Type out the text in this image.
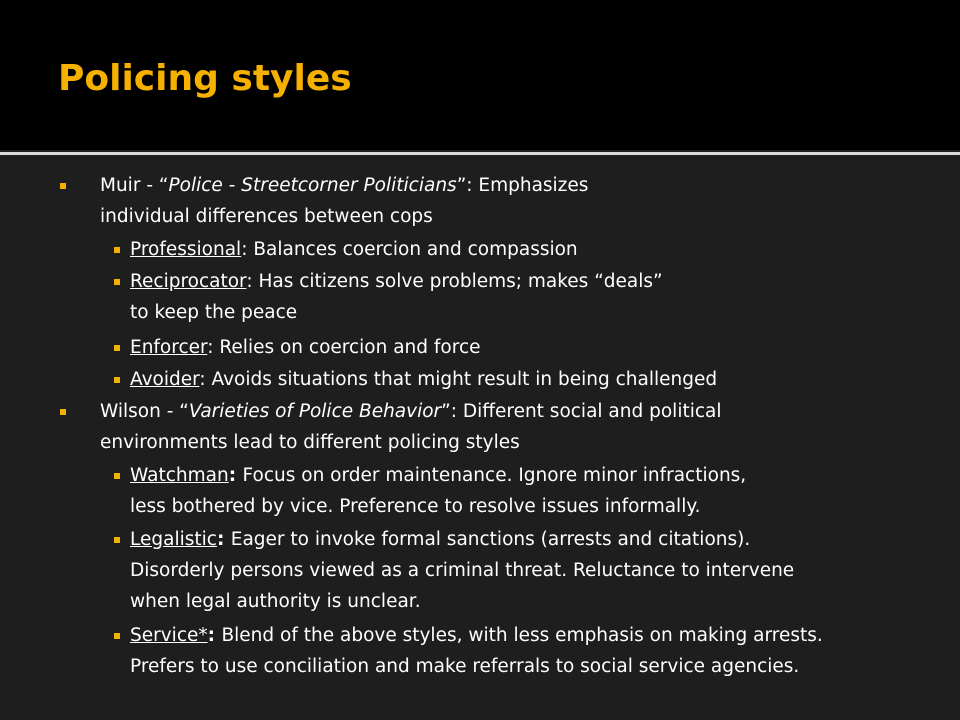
Policing styles
Muir - “Police - Streetcorner Politicians”: Emphasizes
individual differences between cops
Professional: Balances coercion and compassion
Reciprocator: Has citizens solve problems; makes “deals”
to keep the peace
Enforcer: Relies on coercion and force
Avoider: Avoids situations that might result in being challenged
Wilson - “Varieties of Police Behavior”: Different social and political
environments lead to different policing styles
Watchman: Focus on order maintenance. Ignore minor infractions,
less bothered by vice. Preference to resolve issues informally.
Legalistic: Eager to invoke formal sanctions (arrests and citations).
Disorderly persons viewed as a criminal threat. Reluctance to intervene
when legal authority is unclear.
Service*: Blend of the above styles, with less emphasis on making arrests.
Prefers to use conciliation and make referrals to social service agencies.
